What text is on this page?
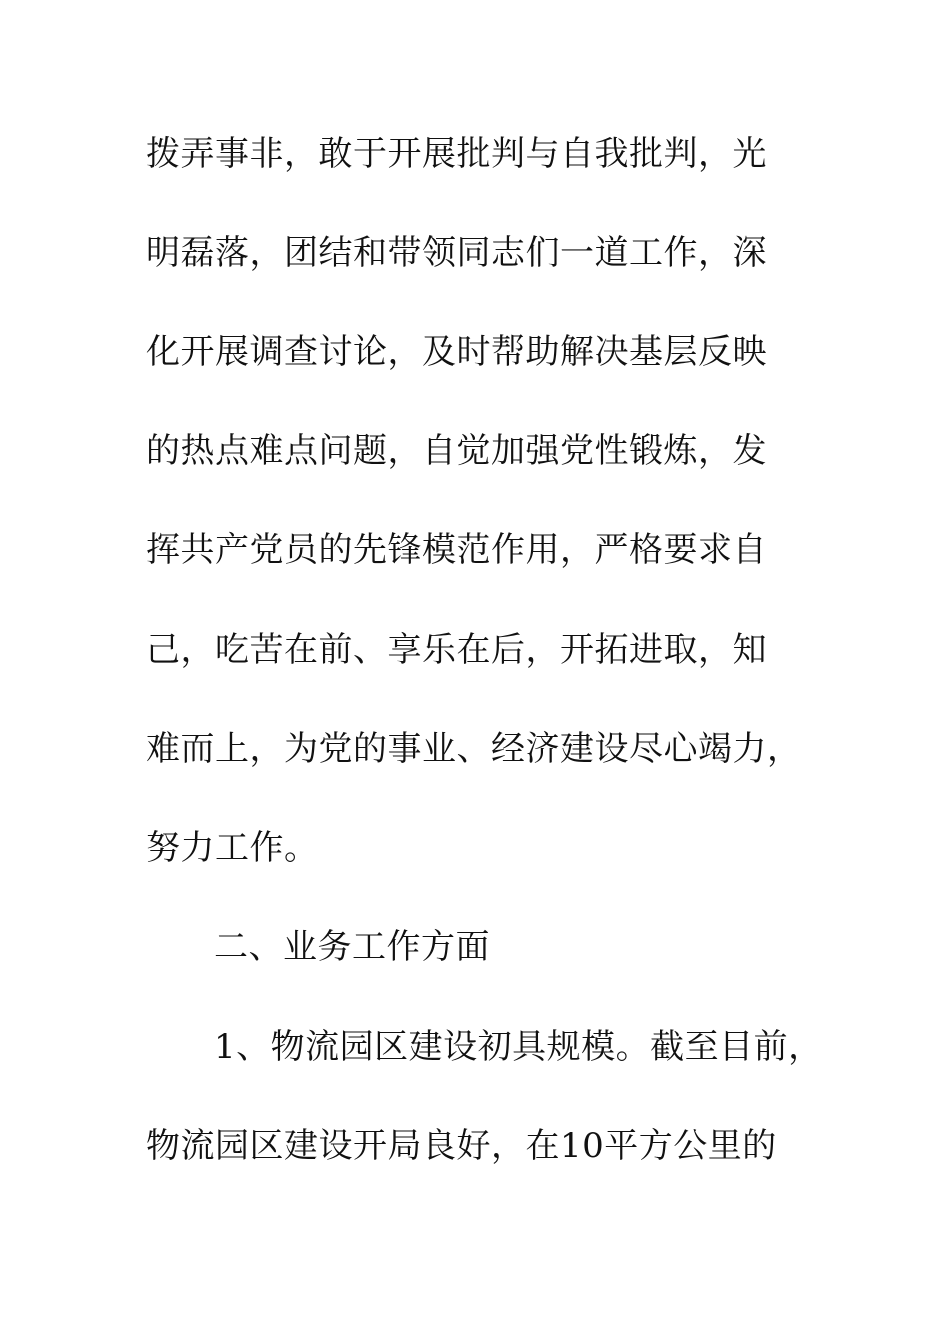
拨弄事非，敢于开展批判与自我批判，光
明磊落，团结和带领同志们一道工作，深
化开展调查讨论，及时帮助解决基层反映
的热点难点问题，自觉加强党性锻炼，发
挥共产党员的先锋模范作用，严格要求自
己，吃苦在前、享乐在后，开拓进取，知
难而上，为党的事业、经济建设尽心竭力，
努力工作。
二、业务工作方面
1、物流园区建设初具规模。截至目前，
物流园区建设开局良好，在10平方公里的
